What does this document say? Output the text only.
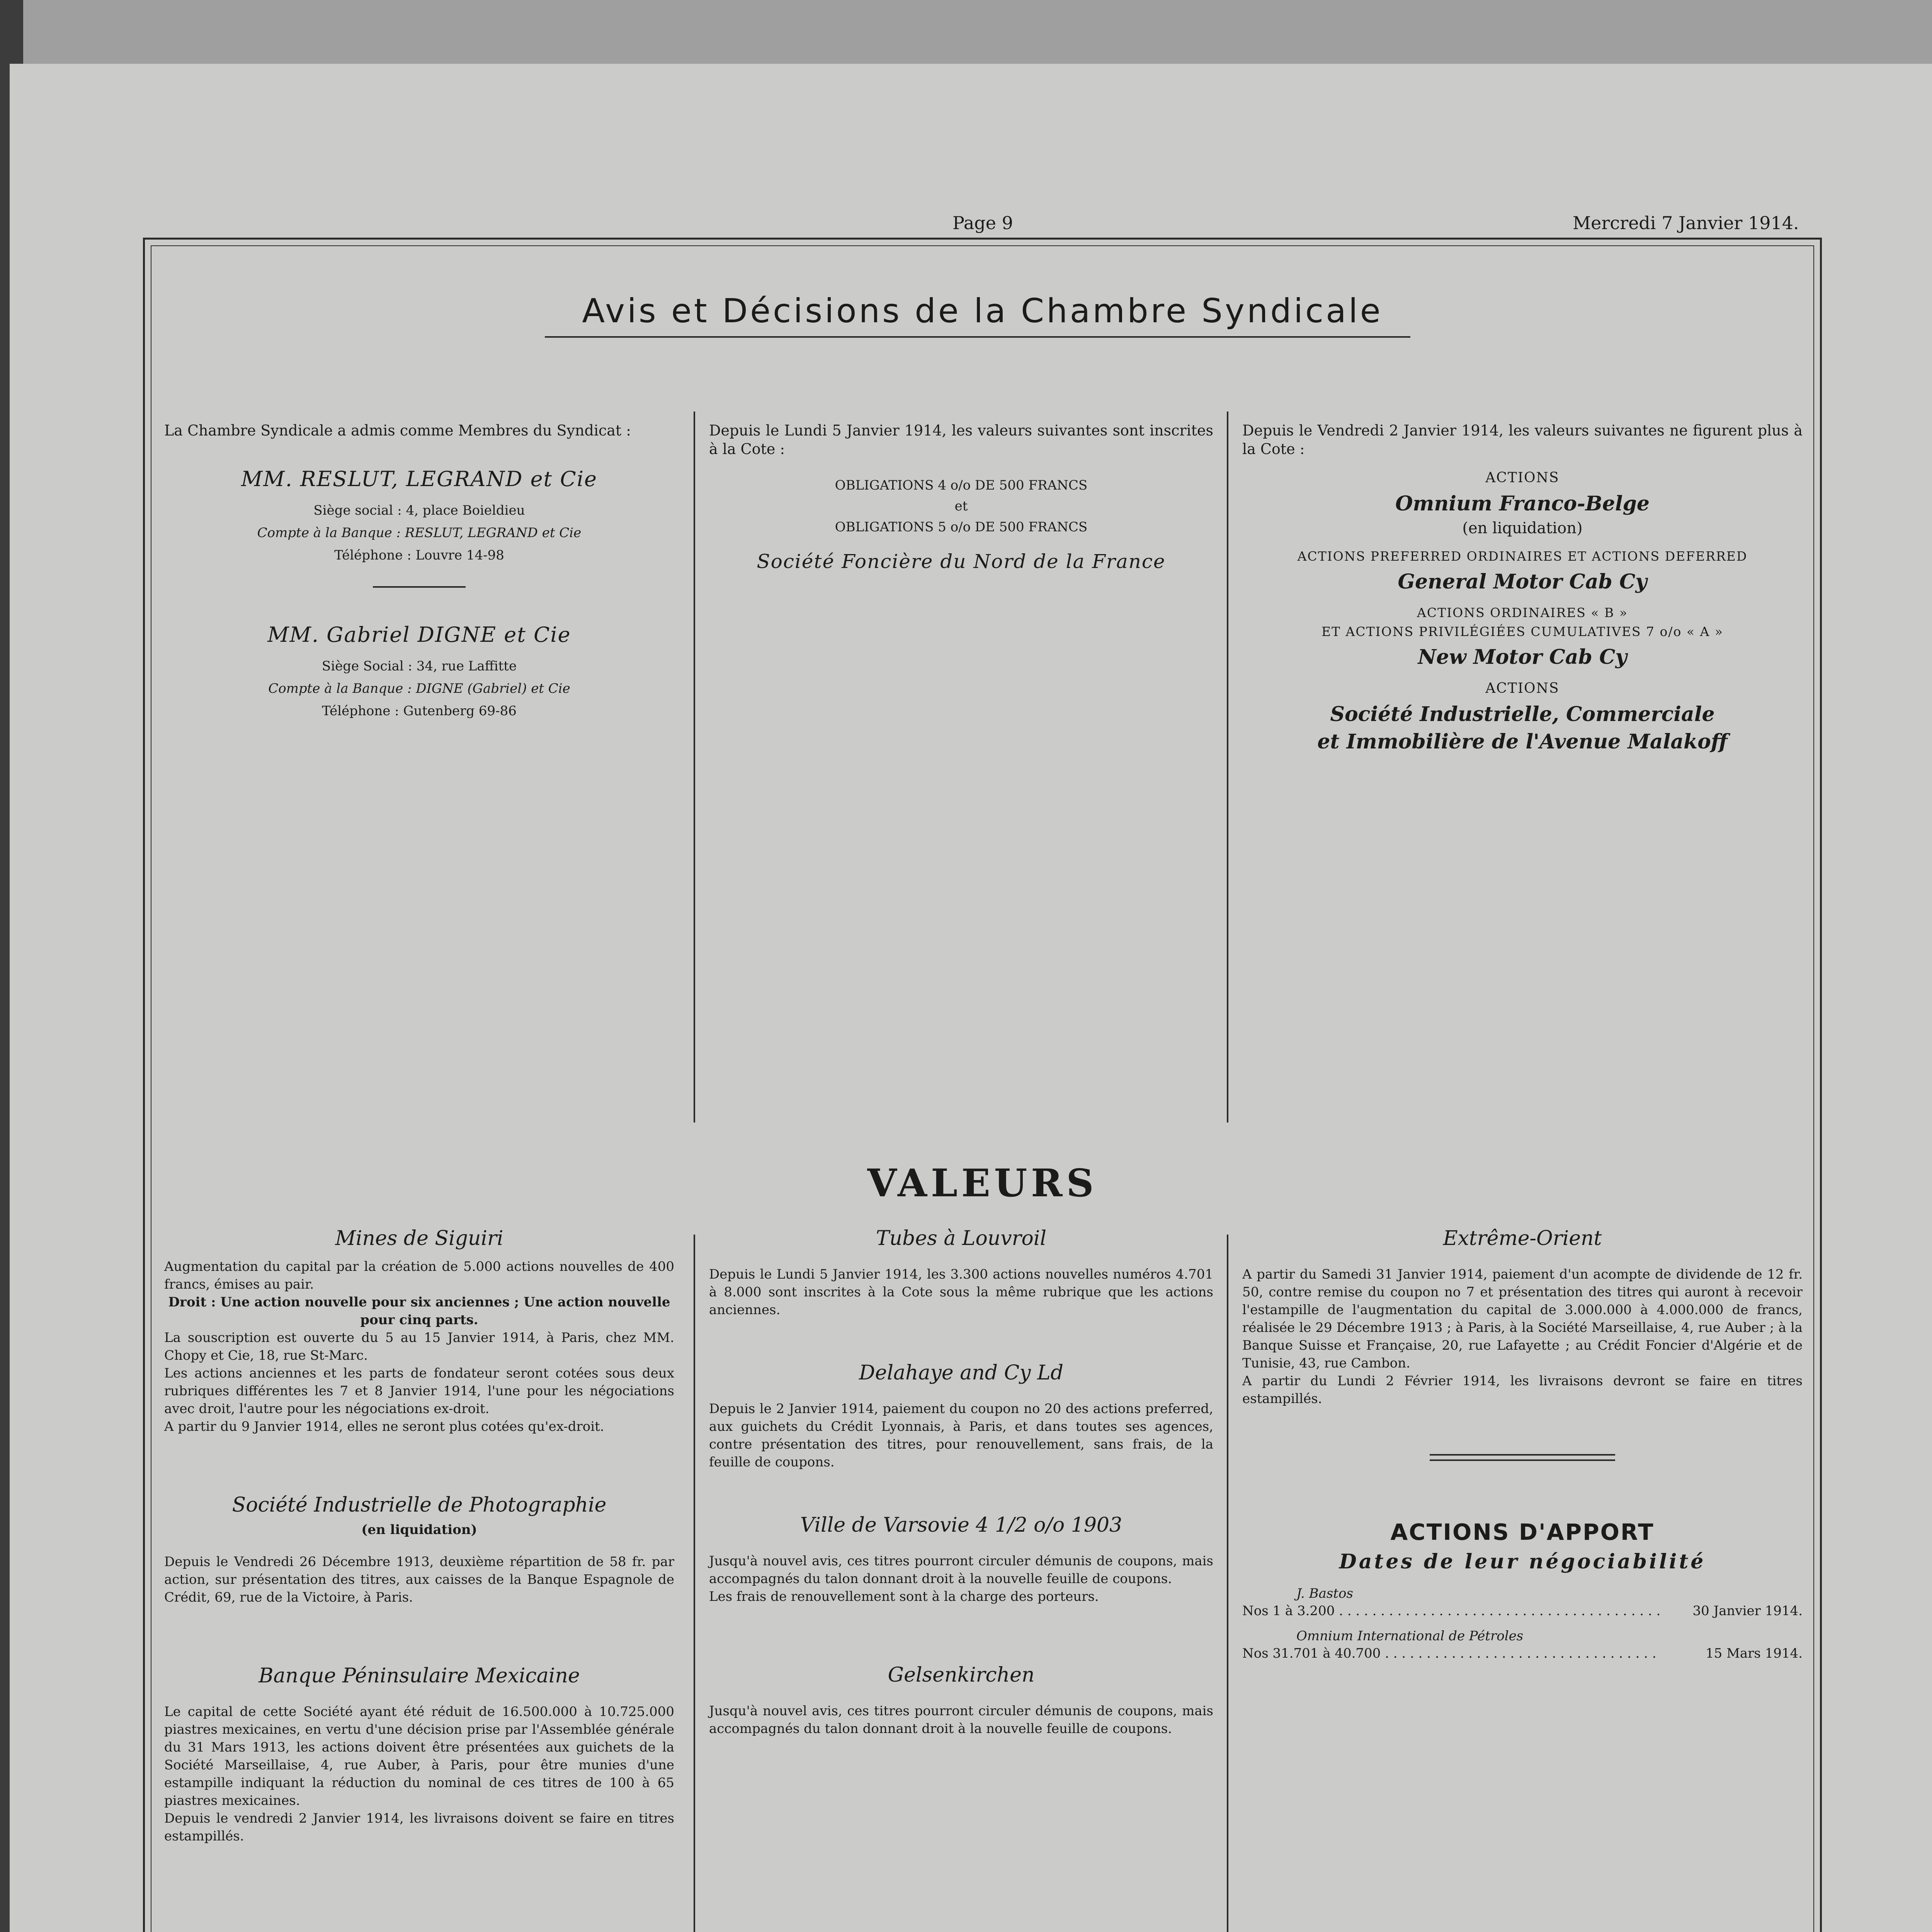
Page 9	Mercredi 7 Janvier 1914.
Avis et Décisions de la Chambre Syndicale
La Chambre Syndicale a admis comme Membres du Syndicat :
MM. RESLUT, LEGRAND et Cie
Siège social : 4, place Boieldieu
Compte à la Banque : RESLUT, LEGRAND et Cie
Téléphone : Louvre 14-98
MM. Gabriel DIGNE et Cie
Siège Social : 34, rue Laffitte
Compte à la Banque : DIGNE (Gabriel) et Cie
Téléphone : Gutenberg 69-86
Depuis le Lundi 5 Janvier 1914, les valeurs suivantes sont inscrites à la Cote :
OBLIGATIONS 4 o/o DE 500 FRANCS
et
OBLIGATIONS 5 o/o DE 500 FRANCS
Société Foncière du Nord de la France
Depuis le Vendredi 2 Janvier 1914, les valeurs suivantes ne figurent plus à la Cote :
ACTIONS
Omnium Franco-Belge
(en liquidation)
ACTIONS PREFERRED ORDINAIRES ET ACTIONS DEFERRED
General Motor Cab Cy
ACTIONS ORDINAIRES « B »
ET ACTIONS PRIVILÉGIÉES CUMULATIVES 7 o/o « A »
New Motor Cab Cy
ACTIONS
Société Industrielle, Commerciale
et Immobilière de l'Avenue Malakoff
VALEURS
Mines de Siguiri
Augmentation du capital par la création de 5.000 actions nouvelles de 400 francs, émises au pair.
Droit : Une action nouvelle pour six anciennes ; Une action nouvelle pour cinq parts.
La souscription est ouverte du 5 au 15 Janvier 1914, à Paris, chez MM. Chopy et Cie, 18, rue St-Marc.
Les actions anciennes et les parts de fondateur seront cotées sous deux rubriques différentes les 7 et 8 Janvier 1914, l'une pour les négociations avec droit, l'autre pour les négociations ex-droit.
A partir du 9 Janvier 1914, elles ne seront plus cotées qu'ex-droit.
Société Industrielle de Photographie
(en liquidation)
Depuis le Vendredi 26 Décembre 1913, deuxième répartition de 58 fr. par action, sur présentation des titres, aux caisses de la Banque Espagnole de Crédit, 69, rue de la Victoire, à Paris.
Banque Péninsulaire Mexicaine
Le capital de cette Société ayant été réduit de 16.500.000 à 10.725.000 piastres mexicaines, en vertu d'une décision prise par l'Assemblée générale du 31 Mars 1913, les actions doivent être présentées aux guichets de la Société Marseillaise, 4, rue Auber, à Paris, pour être munies d'une estampille indiquant la réduction du nominal de ces titres de 100 à 65 piastres mexicaines.
Depuis le vendredi 2 Janvier 1914, les livraisons doivent se faire en titres estampillés.
Tubes à Louvroil
Depuis le Lundi 5 Janvier 1914, les 3.300 actions nouvelles numéros 4.701 à 8.000 sont inscrites à la Cote sous la même rubrique que les actions anciennes.
Delahaye and Cy Ld
Depuis le 2 Janvier 1914, paiement du coupon no 20 des actions preferred, aux guichets du Crédit Lyonnais, à Paris, et dans toutes ses agences, contre présentation des titres, pour renouvellement, sans frais, de la feuille de coupons.
Ville de Varsovie 4 1/2 o/o 1903
Jusqu'à nouvel avis, ces titres pourront circuler démunis de coupons, mais accompagnés du talon donnant droit à la nouvelle feuille de coupons.
Les frais de renouvellement sont à la charge des porteurs.
Gelsenkirchen
Jusqu'à nouvel avis, ces titres pourront circuler démunis de coupons, mais accompagnés du talon donnant droit à la nouvelle feuille de coupons.
Extrême-Orient
A partir du Samedi 31 Janvier 1914, paiement d'un acompte de dividende de 12 fr. 50, contre remise du coupon no 7 et présentation des titres qui auront à recevoir l'estampille de l'augmentation du capital de 3.000.000 à 4.000.000 de francs, réalisée le 29 Décembre 1913 ; à Paris, à la Société Marseillaise, 4, rue Auber ; à la Banque Suisse et Française, 20, rue Lafayette ; au Crédit Foncier d'Algérie et de Tunisie, 43, rue Cambon.
A partir du Lundi 2 Février 1914, les livraisons devront se faire en titres estampillés.
ACTIONS D'APPORT
Dates de leur négociabilité
J. Bastos
Nos 1 à 3.200 . . .	30 Janvier 1914.
Omnium International de Pétroles
Nos 31.701 à 40.700 . . .	15 Mars 1914.
